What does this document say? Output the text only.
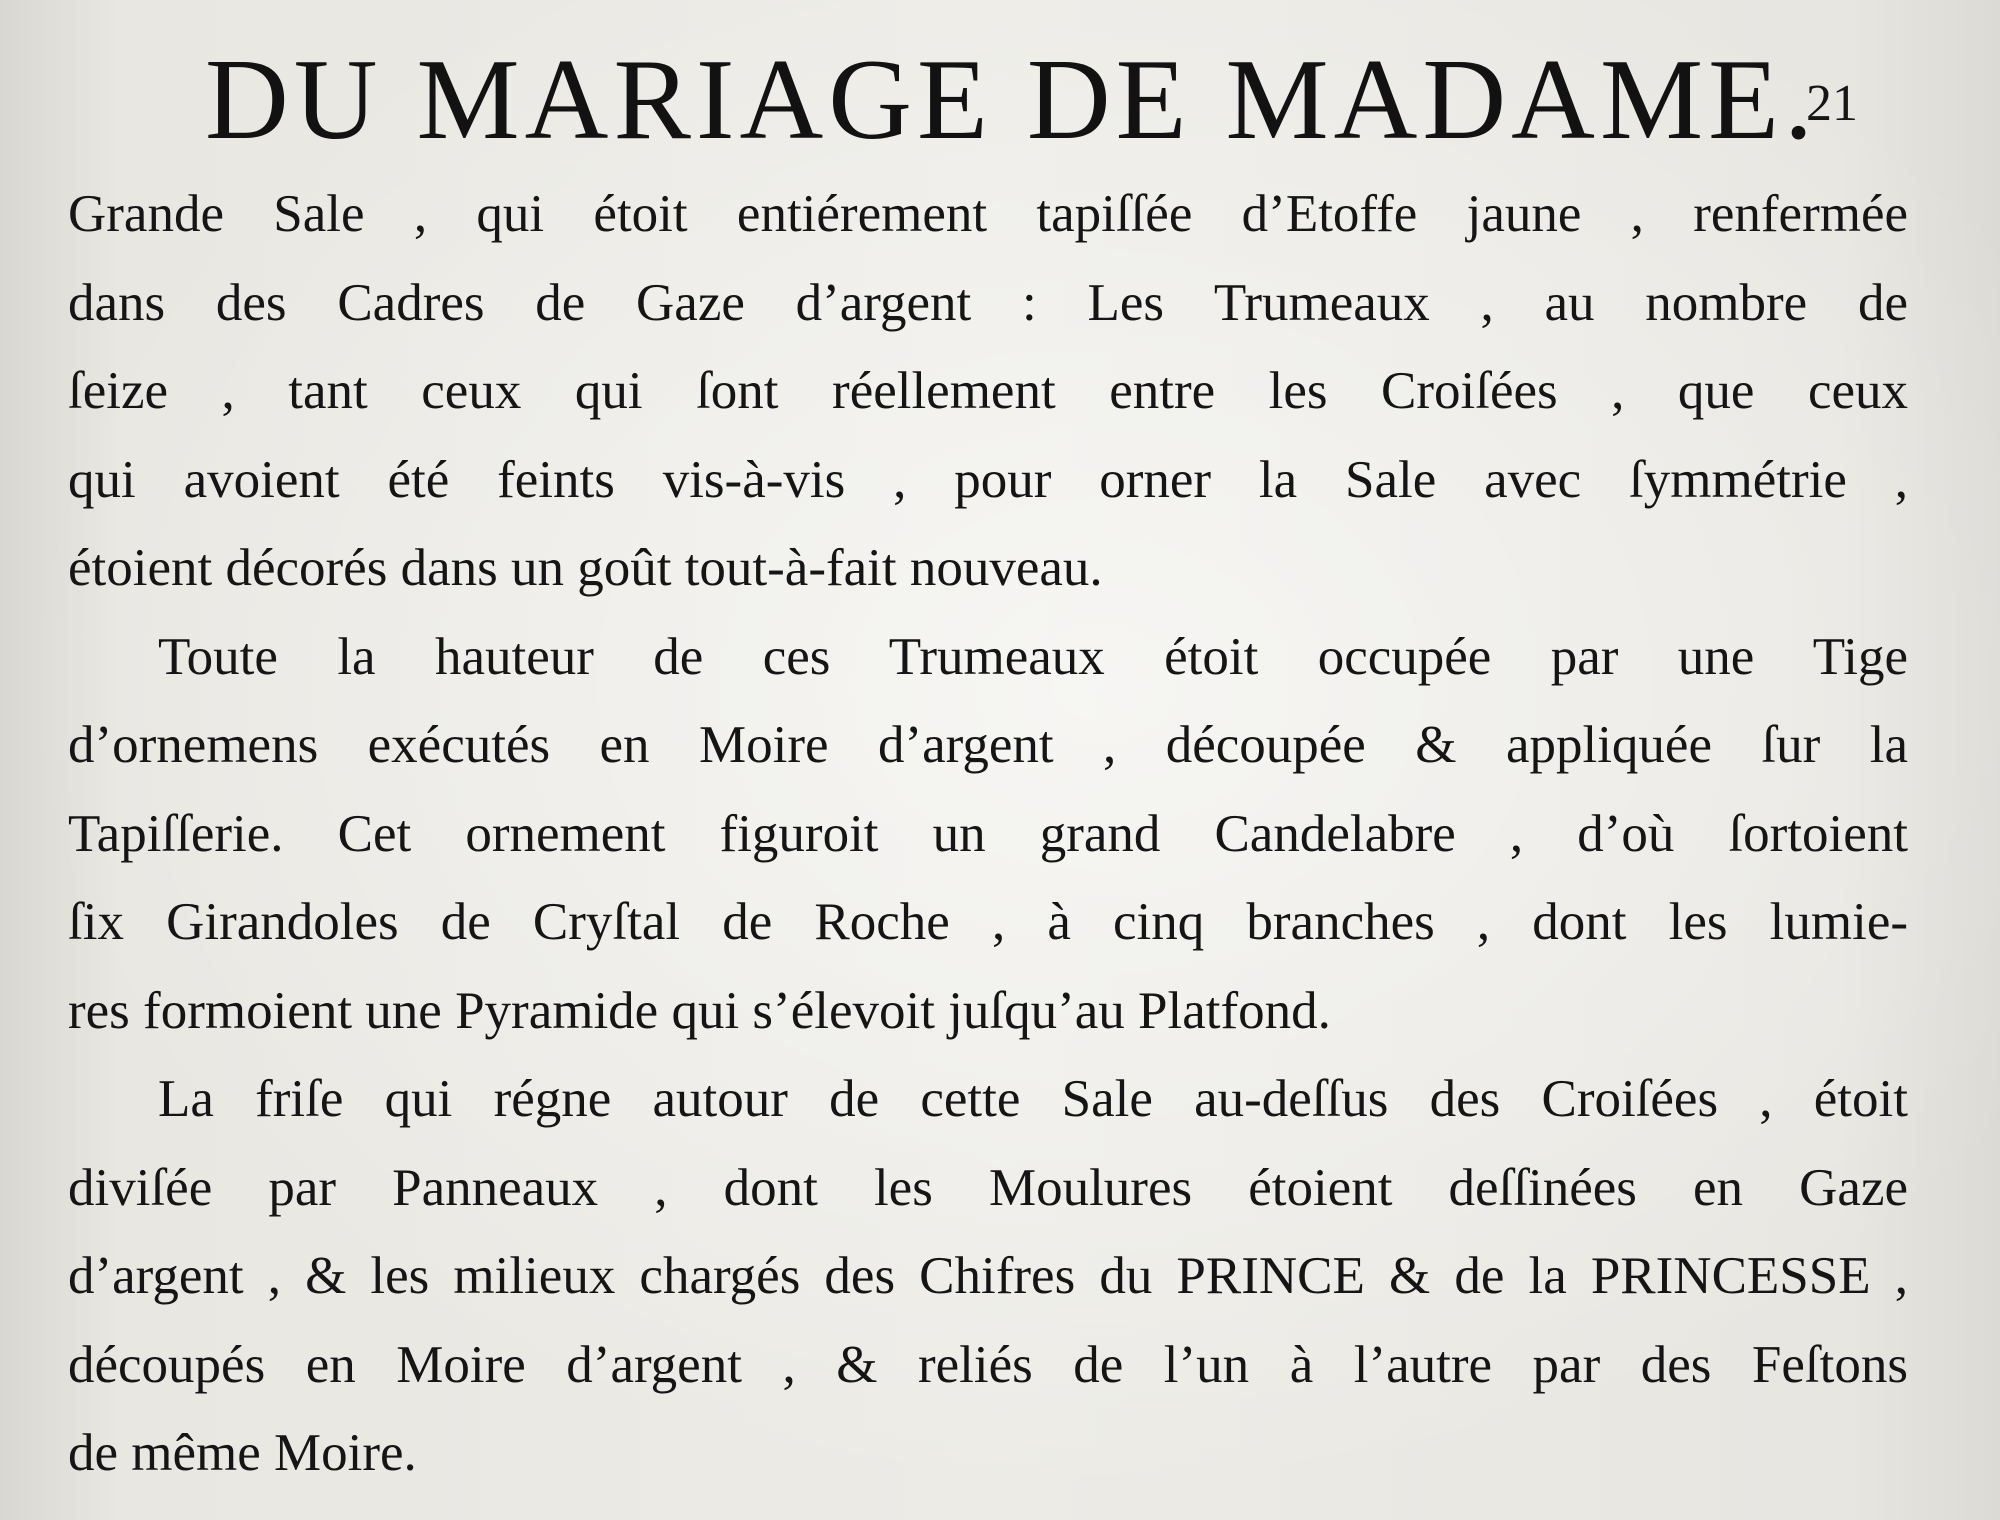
DU MARIAGE DE MADAME.
21

Grande Sale , qui étoit entiérement tapiſſée d’Etoffe jaune , renfermée
dans des Cadres de Gaze d’argent : Les Trumeaux , au nombre de
ſeize , tant ceux qui ſont réellement entre les Croiſées , que ceux
qui avoient été feints vis-à-vis , pour orner la Sale avec ſymmétrie ,
étoient décorés dans un goût tout-à-fait nouveau.

Toute la hauteur de ces Trumeaux étoit occupée par une Tige
d’ornemens exécutés en Moire d’argent , découpée & appliquée ſur la
Tapiſſerie. Cet ornement figuroit un grand Candelabre , d’où ſortoient
ſix Girandoles de Cryſtal de Roche , à cinq branches , dont les lumie-
res formoient une Pyramide qui s’élevoit juſqu’au Platfond.

La friſe qui régne autour de cette Sale au-deſſus des Croiſées , étoit
diviſée par Panneaux , dont les Moulures étoient deſſinées en Gaze
d’argent , & les milieux chargés des Chifres du PRINCE & de la PRINCESSE ,
découpés en Moire d’argent , & reliés de l’un à l’autre par des Feſtons
de même Moire.
